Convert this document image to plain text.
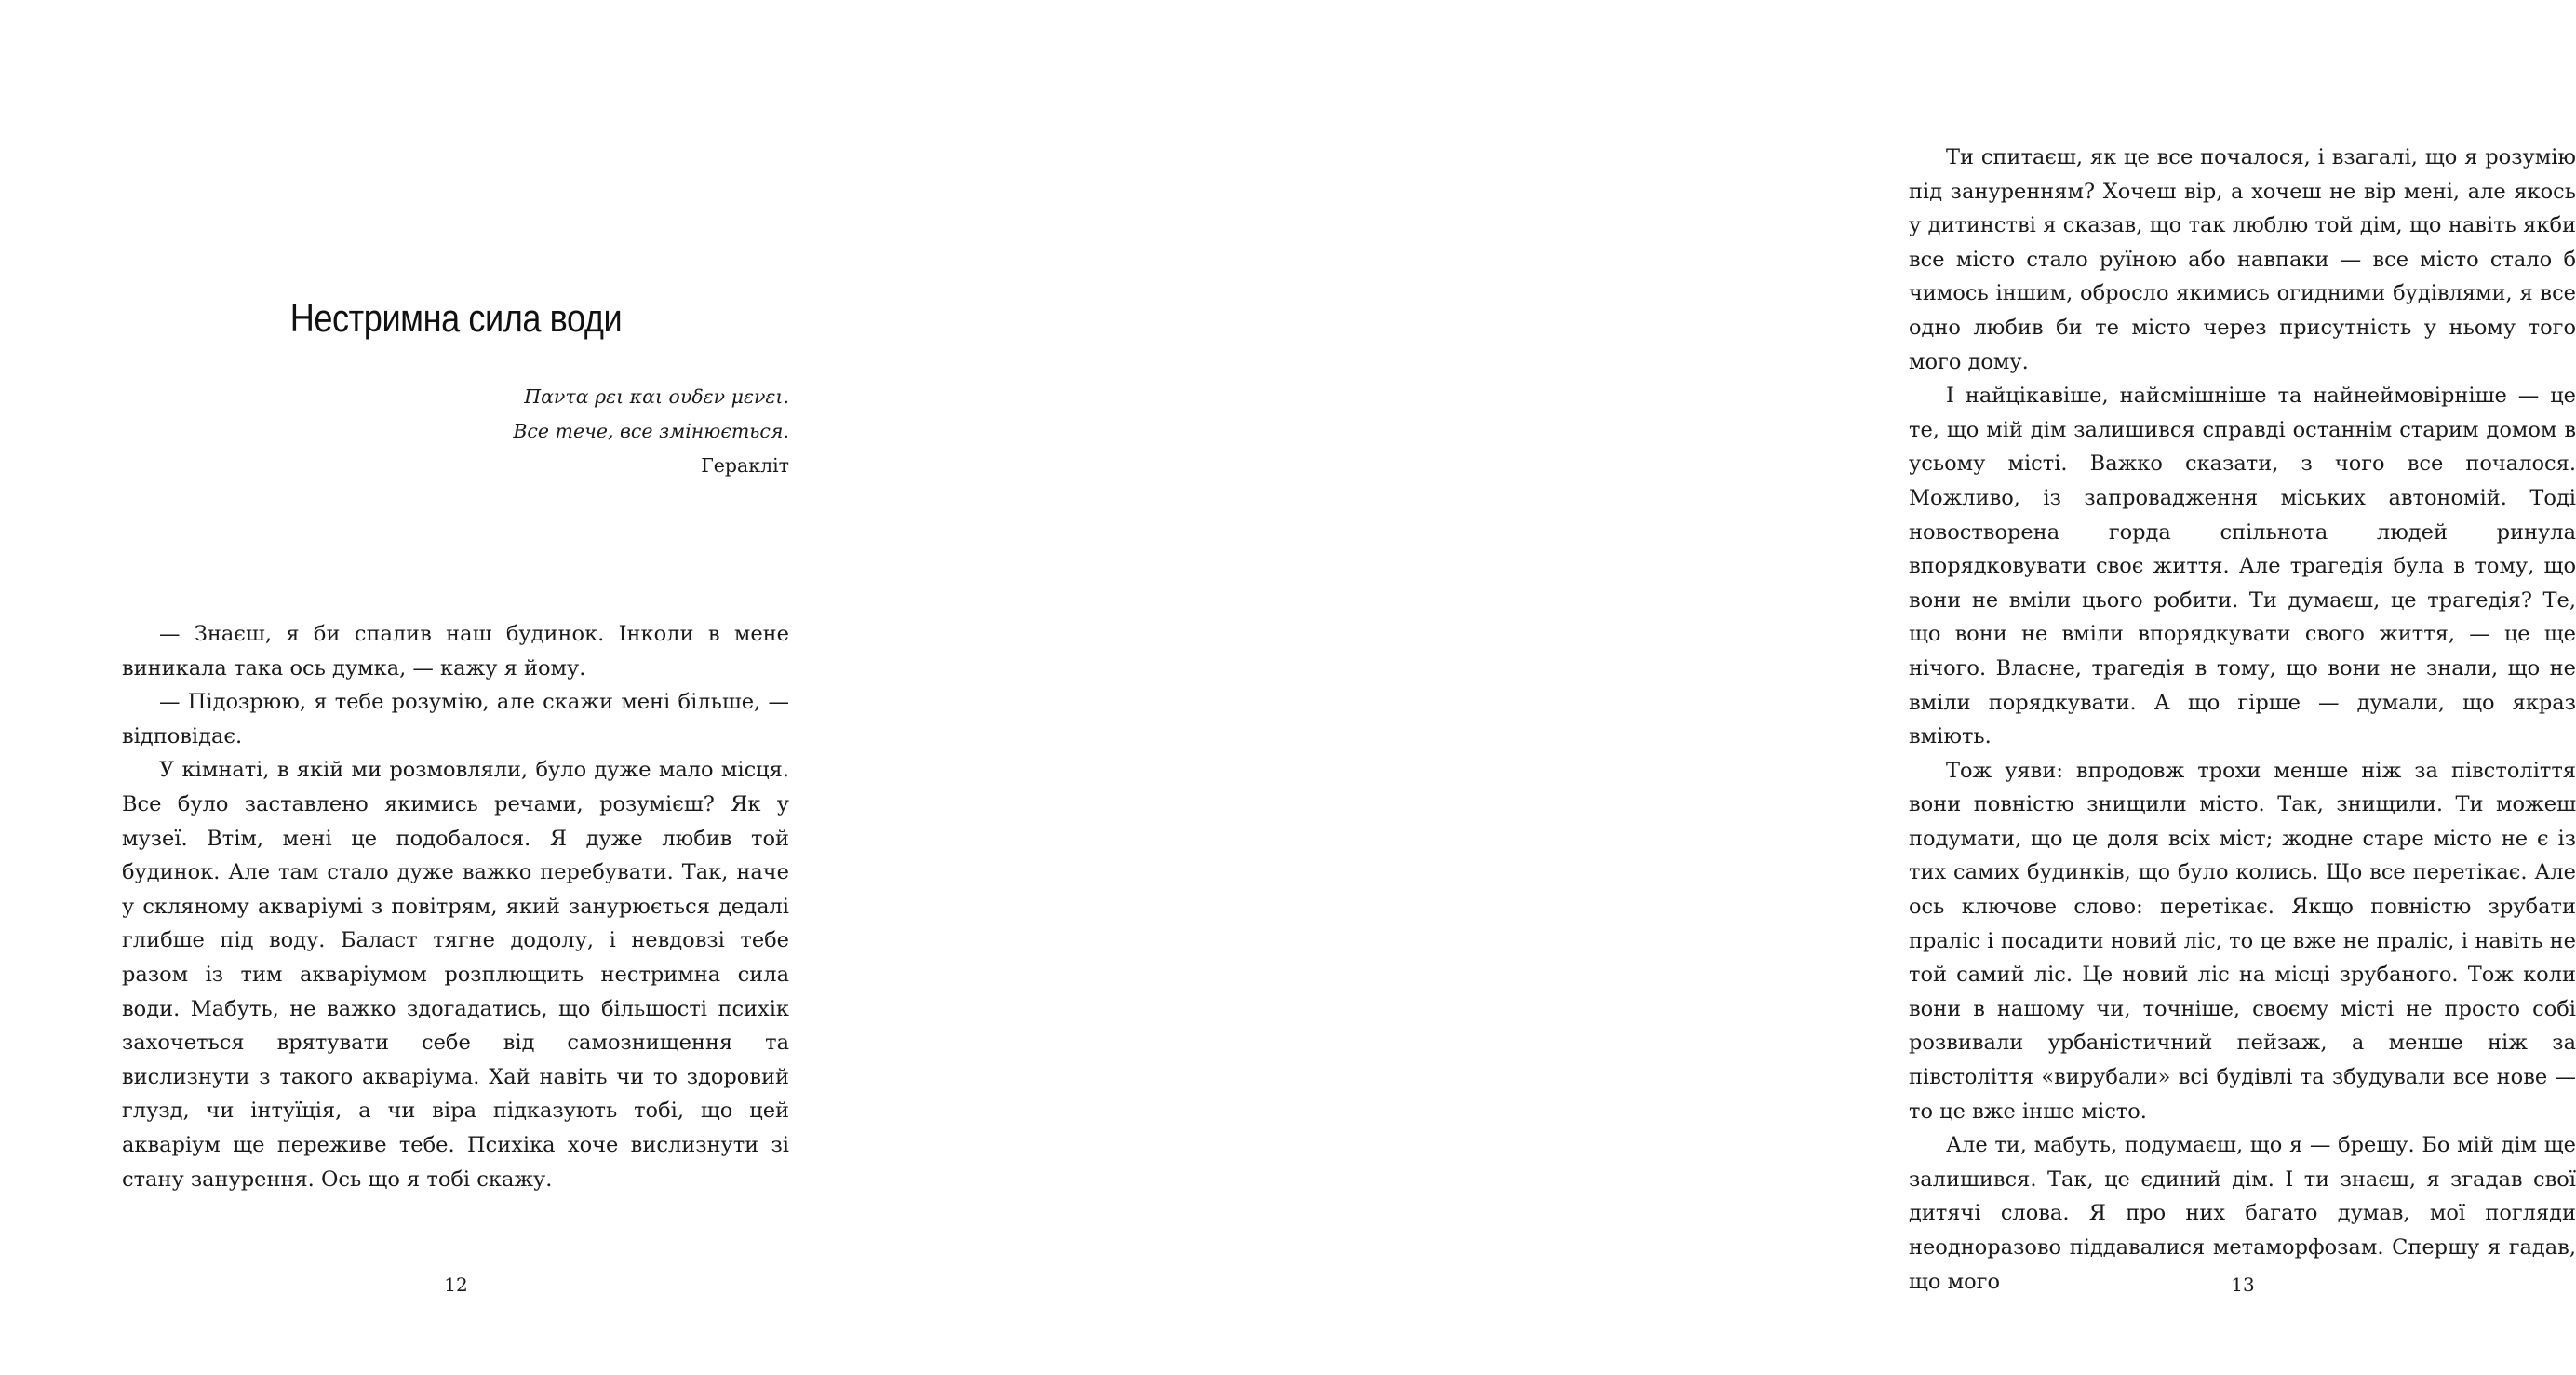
Нестримна сила води
Пαντα ρει και ουδεν μενει.
Все тече, все змінюється.
Геракліт

— Знаєш, я би спалив наш будинок. Інколи в мене виникала така ось думка, — кажу я йому.

— Підозрюю, я тебе розумію, але скажи мені більше, — відповідає.

У кімнаті, в якій ми розмовляли, було дуже мало місця. Все було заставлено якимись речами, розумієш? Як у музеї. Втім, мені це подобалося. Я дуже любив той будинок. Але там стало дуже важко перебувати. Так, наче у скляному акваріумі з повітрям, який занурюється дедалі глибше під воду. Баласт тягне додолу, і невдовзі тебе разом із тим акваріумом розплющить нестримна сила води. Мабуть, не важко здогадатись, що більшості психік захочеться врятувати себе від самознищення та вислизнути з такого акваріума. Хай навіть чи то здоровий глузд, чи інтуїція, а чи віра підказують тобі, що цей акваріум ще переживе тебе. Психіка хоче вислизнути зі стану занурення. Ось що я тобі скажу.

12

Ти спитаєш, як це все почалося, і взагалі, що я розумію під зануренням? Хочеш вір, а хочеш не вір мені, але якось у дитинстві я сказав, що так люблю той дім, що навіть якби все місто стало руїною або навпаки — все місто стало б чимось іншим, обросло якимись огидними будівлями, я все одно любив би те місто через присутність у ньому того мого дому.

І найцікавіше, найсмішніше та найнеймовірніше — це те, що мій дім залишився справді останнім старим домом в усьому місті. Важко сказати, з чого все почалося. Можливо, із запровадження міських автономій. Тоді новостворена горда спільнота людей ринула впорядковувати своє життя. Але трагедія була в тому, що вони не вміли цього робити. Ти думаєш, це трагедія? Те, що вони не вміли впорядкувати свого життя, — це ще нічого. Власне, трагедія в тому, що вони не знали, що не вміли порядкувати. А що гірше — думали, що якраз вміють.

Тож уяви: впродовж трохи менше ніж за півстоліття вони повністю знищили місто. Так, знищили. Ти можеш подумати, що це доля всіх міст; жодне старе місто не є із тих самих будинків, що було колись. Що все перетікає. Але ось ключове слово: перетікає. Якщо повністю зрубати праліс і посадити новий ліс, то це вже не праліс, і навіть не той самий ліс. Це новий ліс на місці зрубаного. Тож коли вони в нашому чи, точніше, своєму місті не просто собі розвивали урбаністичний пейзаж, а менше ніж за півстоліття «вирубали» всі будівлі та збудували все нове — то це вже інше місто.

Але ти, мабуть, подумаєш, що я — брешу. Бо мій дім ще залишився. Так, це єдиний дім. І ти знаєш, я згадав свої дитячі слова. Я про них багато думав, мої погляди неодноразово піддавалися метаморфозам. Спершу я гадав, що мого	13
